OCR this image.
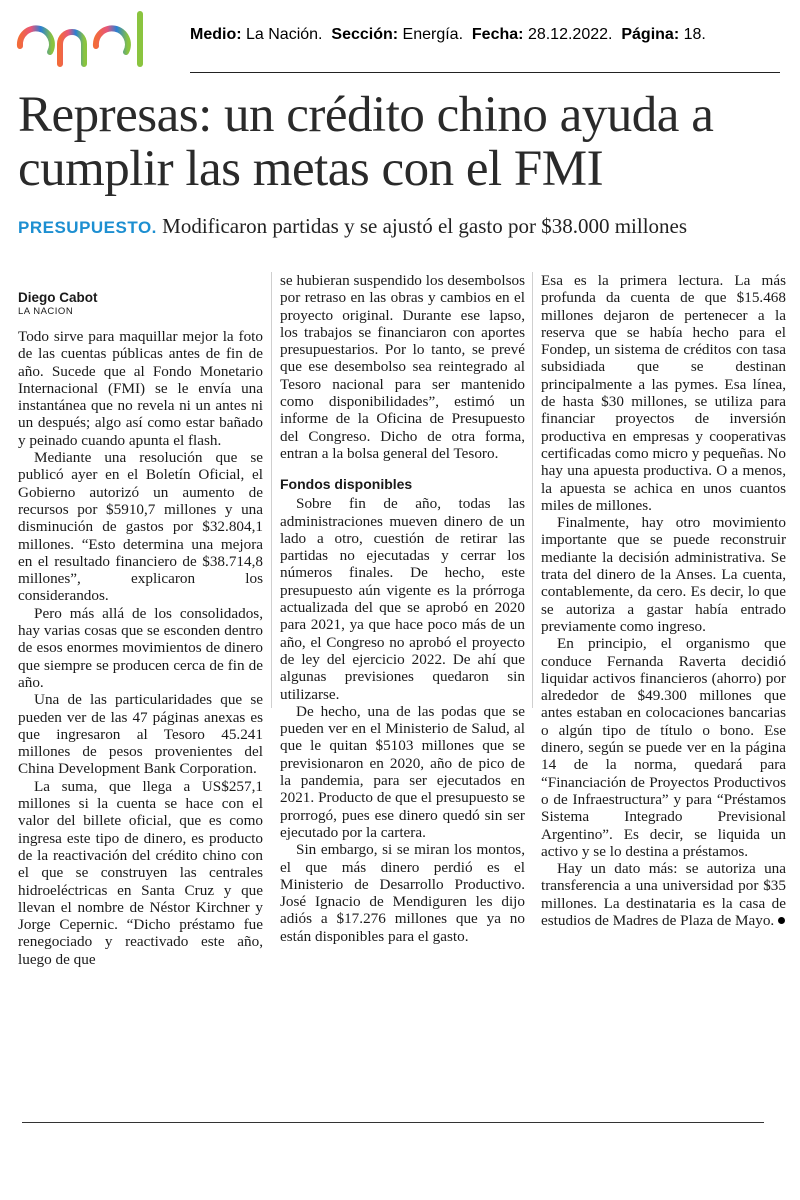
Medio: La Nación. Sección: Energía. Fecha: 28.12.2022. Página: 18.
Represas: un crédito chino ayuda a cumplir las metas con el FMI
PRESUPUESTO. Modificaron partidas y se ajustó el gasto por $38.000 millones
Diego Cabot
LA NACION

Todo sirve para maquillar mejor la foto de las cuentas públicas antes de fin de año. Sucede que al Fondo Monetario Internacional (FMI) se le envía una instantánea que no revela ni un antes ni un después; algo así como estar bañado y peinado cuando apunta el flash.

Mediante una resolución que se publicó ayer en el Boletín Oficial, el Gobierno autorizó un aumento de recursos por $5910,7 millones y una disminución de gastos por $32.804,1 millones. “Esto determina una mejora en el resultado financiero de $38.714,8 millones”, explicaron los considerandos.

Pero más allá de los consolidados, hay varias cosas que se esconden dentro de esos enormes movimientos de dinero que siempre se producen cerca de fin de año.

Una de las particularidades que se pueden ver de las 47 páginas anexas es que ingresaron al Tesoro 45.241 millones de pesos provenientes del China Development Bank Corporation.

La suma, que llega a US$257,1 millones si la cuenta se hace con el valor del billete oficial, que es como ingresa este tipo de dinero, es producto de la reactivación del crédito chino con el que se construyen las centrales hidroeléctricas en Santa Cruz y que llevan el nombre de Néstor Kirchner y Jorge Cepernic. “Dicho préstamo fue renegociado y reactivado este año, luego de que

se hubieran suspendido los desembolsos por retraso en las obras y cambios en el proyecto original. Durante ese lapso, los trabajos se financiaron con aportes presupuestarios. Por lo tanto, se prevé que ese desembolso sea reintegrado al Tesoro nacional para ser mantenido como disponibilidades”, estimó un informe de la Oficina de Presupuesto del Congreso. Dicho de otra forma, entran a la bolsa general del Tesoro.

Fondos disponibles

Sobre fin de año, todas las administraciones mueven dinero de un lado a otro, cuestión de retirar las partidas no ejecutadas y cerrar los números finales. De hecho, este presupuesto aún vigente es la prórroga actualizada del que se aprobó en 2020 para 2021, ya que hace poco más de un año, el Congreso no aprobó el proyecto de ley del ejercicio 2022. De ahí que algunas previsiones quedaron sin utilizarse.

De hecho, una de las podas que se pueden ver en el Ministerio de Salud, al que le quitan $5103 millones que se previsionaron en 2020, año de pico de la pandemia, para ser ejecutados en 2021. Producto de que el presupuesto se prorrogó, pues ese dinero quedó sin ser ejecutado por la cartera.

Sin embargo, si se miran los montos, el que más dinero perdió es el Ministerio de Desarrollo Productivo. José Ignacio de Mendiguren les dijo adiós a $17.276 millones que ya no están disponibles para el gasto.

Esa es la primera lectura. La más profunda da cuenta de que $15.468 millones dejaron de pertenecer a la reserva que se había hecho para el Fondep, un sistema de créditos con tasa subsidiada que se destinan principalmente a las pymes. Esa línea, de hasta $30 millones, se utiliza para financiar proyectos de inversión productiva en empresas y cooperativas certificadas como micro y pequeñas. No hay una apuesta productiva. O a menos, la apuesta se achica en unos cuantos miles de millones.

Finalmente, hay otro movimiento importante que se puede reconstruir mediante la decisión administrativa. Se trata del dinero de la Anses. La cuenta, contablemente, da cero. Es decir, lo que se autoriza a gastar había entrado previamente como ingreso.

En principio, el organismo que conduce Fernanda Raverta decidió liquidar activos financieros (ahorro) por alrededor de $49.300 millones que antes estaban en colocaciones bancarias o algún tipo de título o bono. Ese dinero, según se puede ver en la página 14 de la norma, quedará para “Financiación de Proyectos Productivos o de Infraestructura” y para “Préstamos Sistema Integrado Previsional Argentino”. Es decir, se liquida un activo y se lo destina a préstamos.

Hay un dato más: se autoriza una transferencia a una universidad por $35 millones. La destinataria es la casa de estudios de Madres de Plaza de Mayo.
